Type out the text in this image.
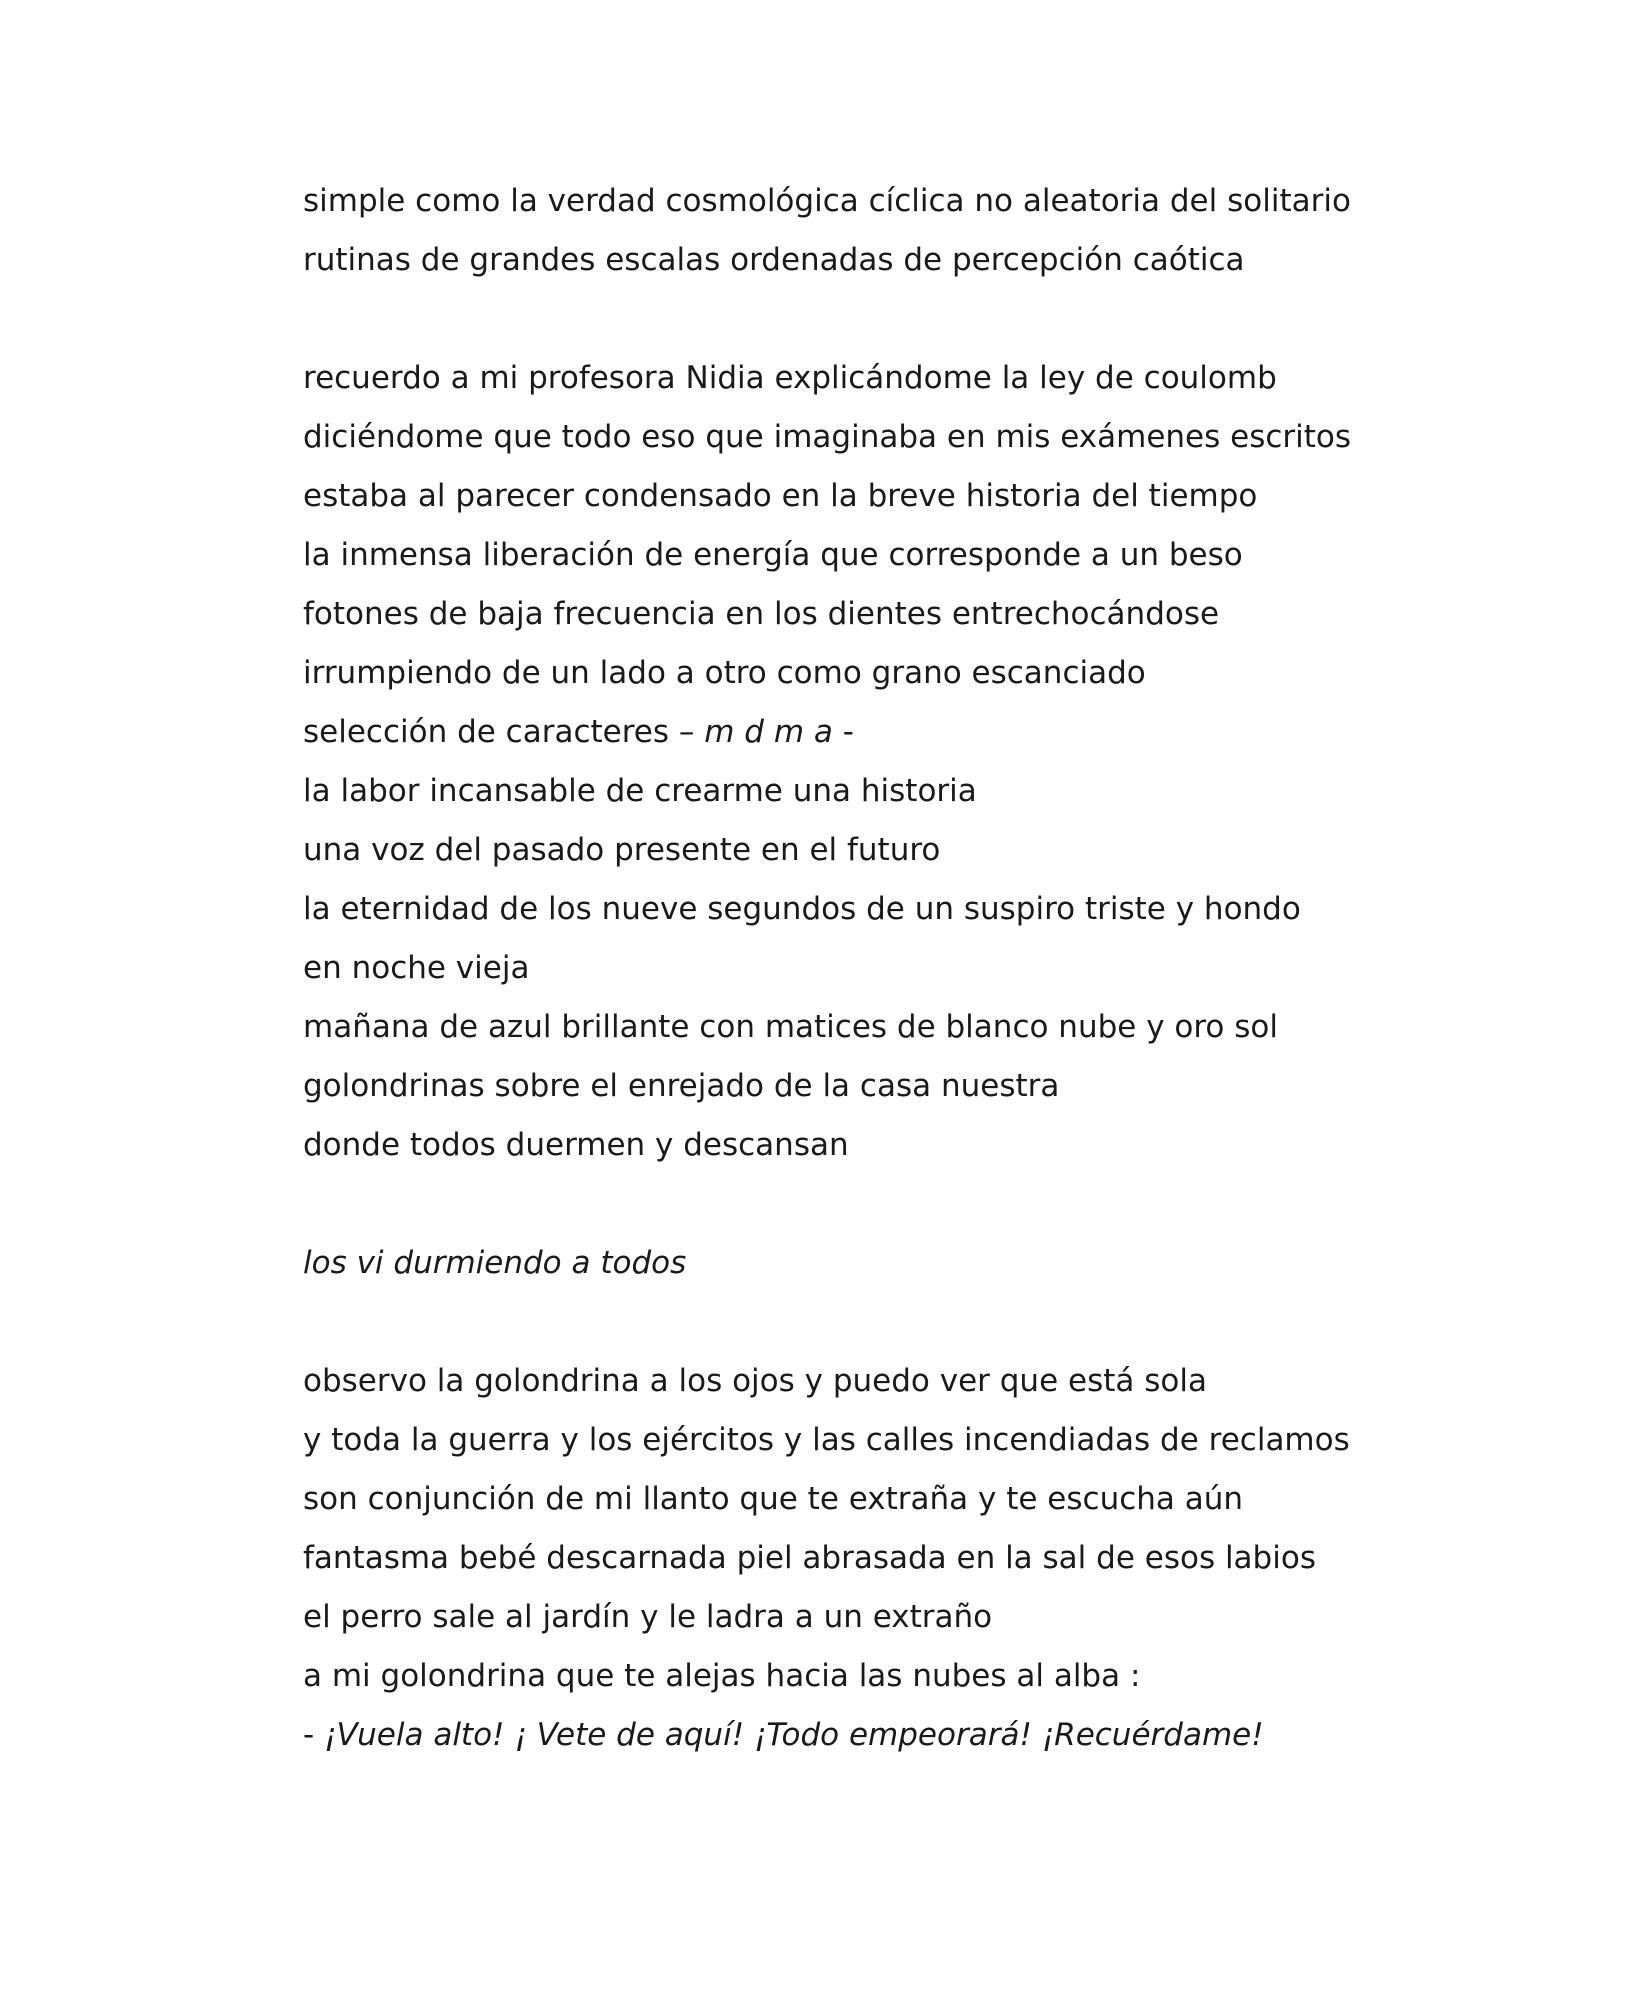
simple como la verdad cosmológica cíclica no aleatoria del solitario
rutinas de grandes escalas ordenadas de percepción caótica
recuerdo a mi profesora Nidia explicándome la ley de coulomb
diciéndome que todo eso que imaginaba en mis exámenes escritos
estaba al parecer condensado en la breve historia del tiempo
la inmensa liberación de energía que corresponde a un beso
fotones de baja frecuencia en los dientes entrechocándose
irrumpiendo de un lado a otro como grano escanciado
selección de caracteres – m d m a -
la labor incansable de crearme una historia
una voz del pasado presente en el futuro
la eternidad de los nueve segundos de un suspiro triste y hondo
en noche vieja
mañana de azul brillante con matices de blanco nube y oro sol
golondrinas sobre el enrejado de la casa nuestra
donde todos duermen y descansan
los vi durmiendo a todos
observo la golondrina a los ojos y puedo ver que está sola
y toda la guerra y los ejércitos y las calles incendiadas de reclamos
son conjunción de mi llanto que te extraña y te escucha aún
fantasma bebé descarnada piel abrasada en la sal de esos labios
el perro sale al jardín y le ladra a un extraño
a mi golondrina que te alejas hacia las nubes al alba :
- ¡Vuela alto! ¡ Vete de aquí! ¡Todo empeorará! ¡Recuérdame!
